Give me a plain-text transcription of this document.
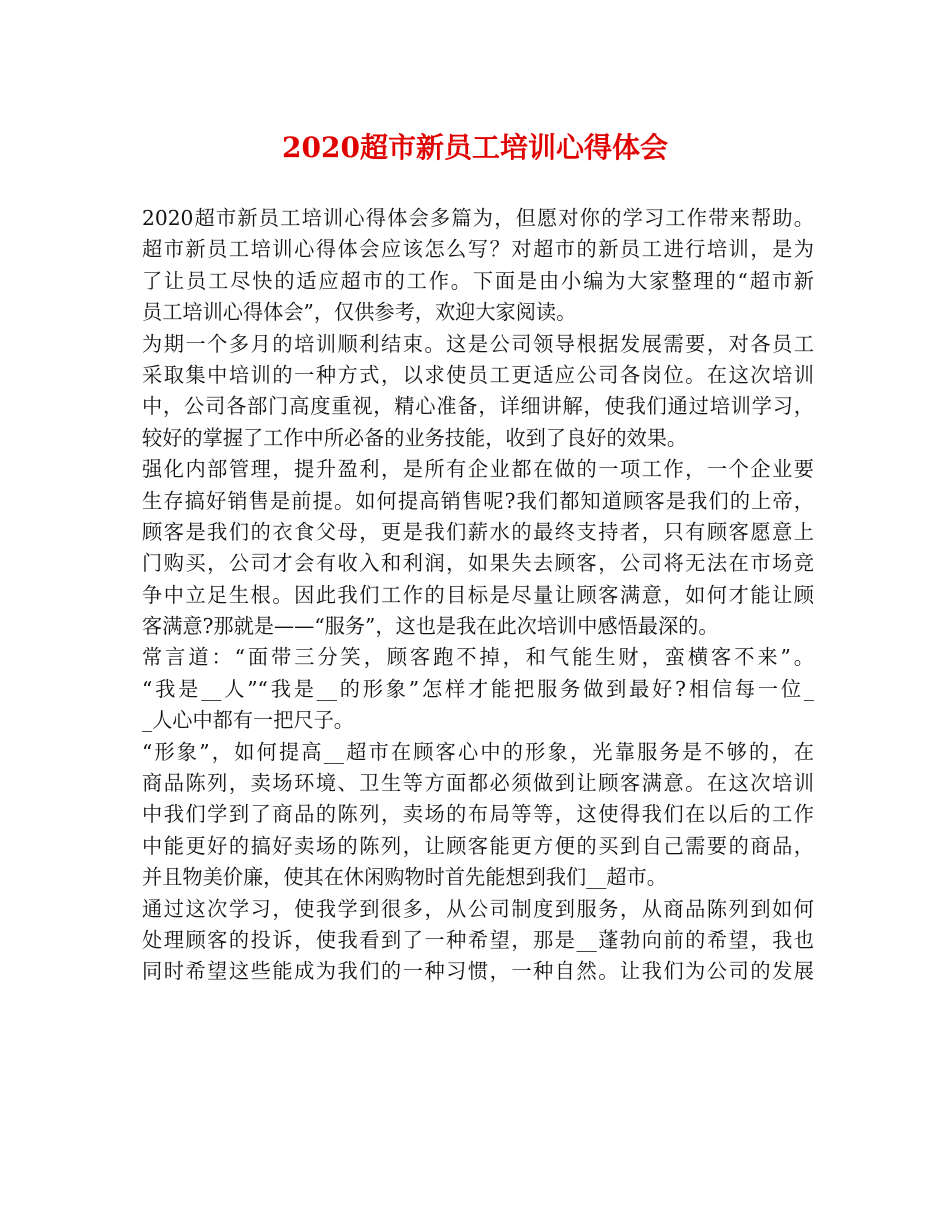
2020超市新员工培训心得体会
2020超市新员工培训心得体会多篇为，但愿对你的学习工作带来帮助。
超市新员工培训心得体会应该怎么写？对超市的新员工进行培训，是为
了让员工尽快的适应超市的工作。下面是由小编为大家整理的“超市新
员工培训心得体会”，仅供参考，欢迎大家阅读。
为期一个多月的培训顺利结束。这是公司领导根据发展需要，对各员工
采取集中培训的一种方式，以求使员工更适应公司各岗位。在这次培训
中，公司各部门高度重视，精心准备，详细讲解，使我们通过培训学习，
较好的掌握了工作中所必备的业务技能，收到了良好的效果。
强化内部管理，提升盈利，是所有企业都在做的一项工作，一个企业要
生存搞好销售是前提。如何提高销售呢?我们都知道顾客是我们的上帝，
顾客是我们的衣食父母，更是我们薪水的最终支持者，只有顾客愿意上
门购买，公司才会有收入和利润，如果失去顾客，公司将无法在市场竞
争中立足生根。因此我们工作的目标是尽量让顾客满意，如何才能让顾
客满意?那就是——“服务”，这也是我在此次培训中感悟最深的。
常言道：“面带三分笑，顾客跑不掉，和气能生财，蛮横客不来”。
“我是__人”“我是__的形象”怎样才能把服务做到最好?相信每一位_
_人心中都有一把尺子。
“形象”，如何提高__超市在顾客心中的形象，光靠服务是不够的，在
商品陈列，卖场环境、卫生等方面都必须做到让顾客满意。在这次培训
中我们学到了商品的陈列，卖场的布局等等，这使得我们在以后的工作
中能更好的搞好卖场的陈列，让顾客能更方便的买到自己需要的商品，
并且物美价廉，使其在休闲购物时首先能想到我们__超市。
通过这次学习，使我学到很多，从公司制度到服务，从商品陈列到如何
处理顾客的投诉，使我看到了一种希望，那是__蓬勃向前的希望，我也
同时希望这些能成为我们的一种习惯，一种自然。让我们为公司的发展
